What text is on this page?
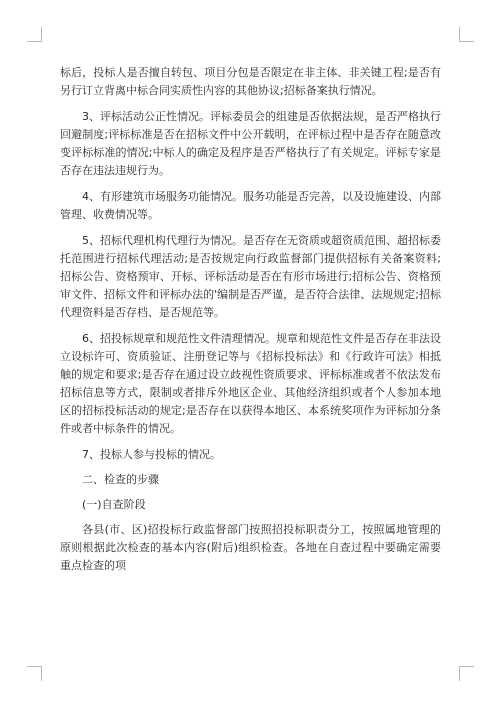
标后，投标人是否擅自转包、项目分包是否限定在非主体、非关键工程;是否有另行订立背离中标合同实质性内容的其他协议;招标备案执行情况。

3、评标活动公正性情况。评标委员会的组建是否依据法规，是否严格执行回避制度;评标标准是否在招标文件中公开载明，在评标过程中是否存在随意改变评标标准的情况;中标人的确定及程序是否严格执行了有关规定。评标专家是否存在违法违规行为。

4、有形建筑市场服务功能情况。服务功能是否完善，以及设施建设、内部管理、收费情况等。

5、招标代理机构代理行为情况。是否存在无资质或超资质范围、超招标委托范围进行招标代理活动;是否按规定向行政监督部门提供招标有关备案资料;招标公告、资格预审、开标、评标活动是否在有形市场进行;招标公告、资格预审文件、招标文件和评标办法的'编制是否严谨，是否符合法律、法规规定;招标代理资料是否存档、是否规范等。

6、招投标规章和规范性文件清理情况。规章和规范性文件是否存在非法设立设标许可、资质验证、注册登记等与《招标投标法》和《行政许可法》相抵触的规定和要求;是否存在通过设立歧视性资质要求、评标标准或者不依法发布招标信息等方式，限制或者排斥外地区企业、其他经济组织或者个人参加本地区的招标投标活动的规定;是否存在以获得本地区、本系统奖项作为评标加分条件或者中标条件的情况。

7、投标人参与投标的情况。

二、检查的步骤

(一)自查阶段

各县(市、区)招投标行政监督部门按照招投标职责分工，按照属地管理的原则根据此次检查的基本内容(附后)组织检查。各地在自查过程中要确定需要重点检查的项
